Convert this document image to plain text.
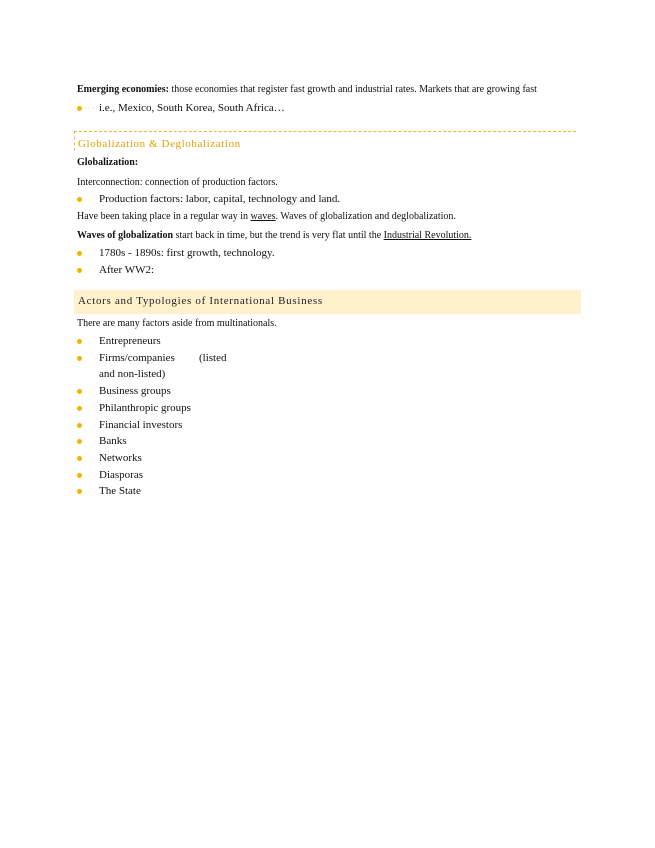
Emerging economies: those economies that register fast growth and industrial rates. Markets that are growing fast
i.e., Mexico, South Korea, South Africa…
Globalization & Deglobalization
Globalization:
Interconnection: connection of production factors.
Production factors: labor, capital, technology and land.
Have been taking place in a regular way in waves. Waves of globalization and deglobalization.
Waves of globalization start back in time, but the trend is very flat until the Industrial Revolution.
1780s - 1890s: first growth, technology.
After WW2:
Actors and Typologies of International Business
There are many factors aside from multinationals.
Entrepreneurs
Firms/companies (listed
and non-listed)
Business groups
Philanthropic groups
Financial investors
Banks
Networks
Diasporas
The State
